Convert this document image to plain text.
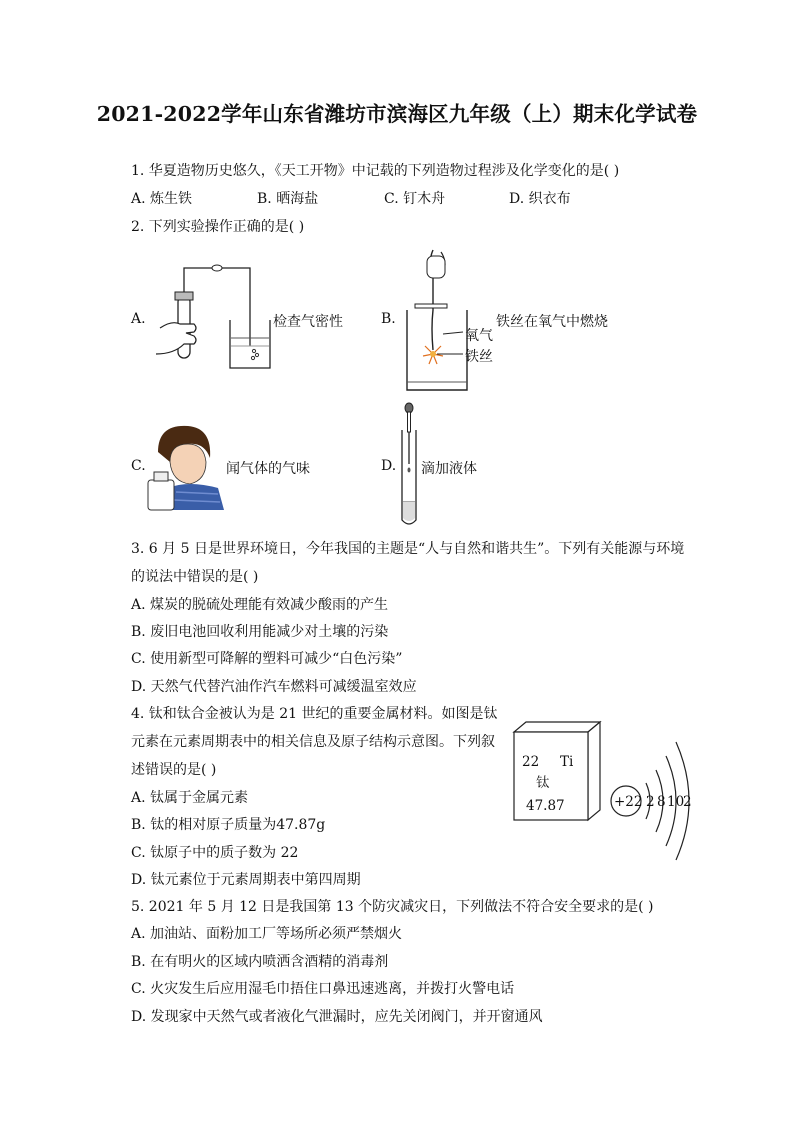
2021-2022学年山东省潍坊市滨海区九年级（上）期末化学试卷
1. 华夏造物历史悠久，《天工开物》中记载的下列造物过程涉及化学变化的是( )
A. 炼生铁	B. 晒海盐	C. 钉木舟	D. 织衣布
2. 下列实验操作正确的是( )
A.	检查气密性	B.	铁丝在氧气中燃烧
氧气
铁丝
C.	闻气体的气味	D. 滴加液体
3. 6 月 5 日是世界环境日，今年我国的主题是“人与自然和谐共生”。下列有关能源与环境
的说法中错误的是( )
A. 煤炭的脱硫处理能有效减少酸雨的产生
B. 废旧电池回收利用能减少对土壤的污染
C. 使用新型可降解的塑料可减少“白色污染”
D. 天然气代替汽油作汽车燃料可减缓温室效应
4. 钛和钛合金被认为是 21 世纪的重要金属材料。如图是钛
元素在元素周期表中的相关信息及原子结构示意图。下列叙
述错误的是( )
A. 钛属于金属元素
B. 钛的相对原子质量为47.87g
C. 钛原子中的质子数为 22
D. 钛元素位于元素周期表中第四周期
22 Ti
钛
47.87	+22 2 8 10
2
5. 2021 年 5 月 12 日是我国第 13 个防灾减灾日，下列做法不符合安全要求的是( )
A. 加油站、面粉加工厂等场所必须严禁烟火
B. 在有明火的区域内喷洒含酒精的消毒剂
C. 火灾发生后应用湿毛巾捂住口鼻迅速逃离，并拨打火警电话
D. 发现家中天然气或者液化气泄漏时，应先关闭阀门，并开窗通风
